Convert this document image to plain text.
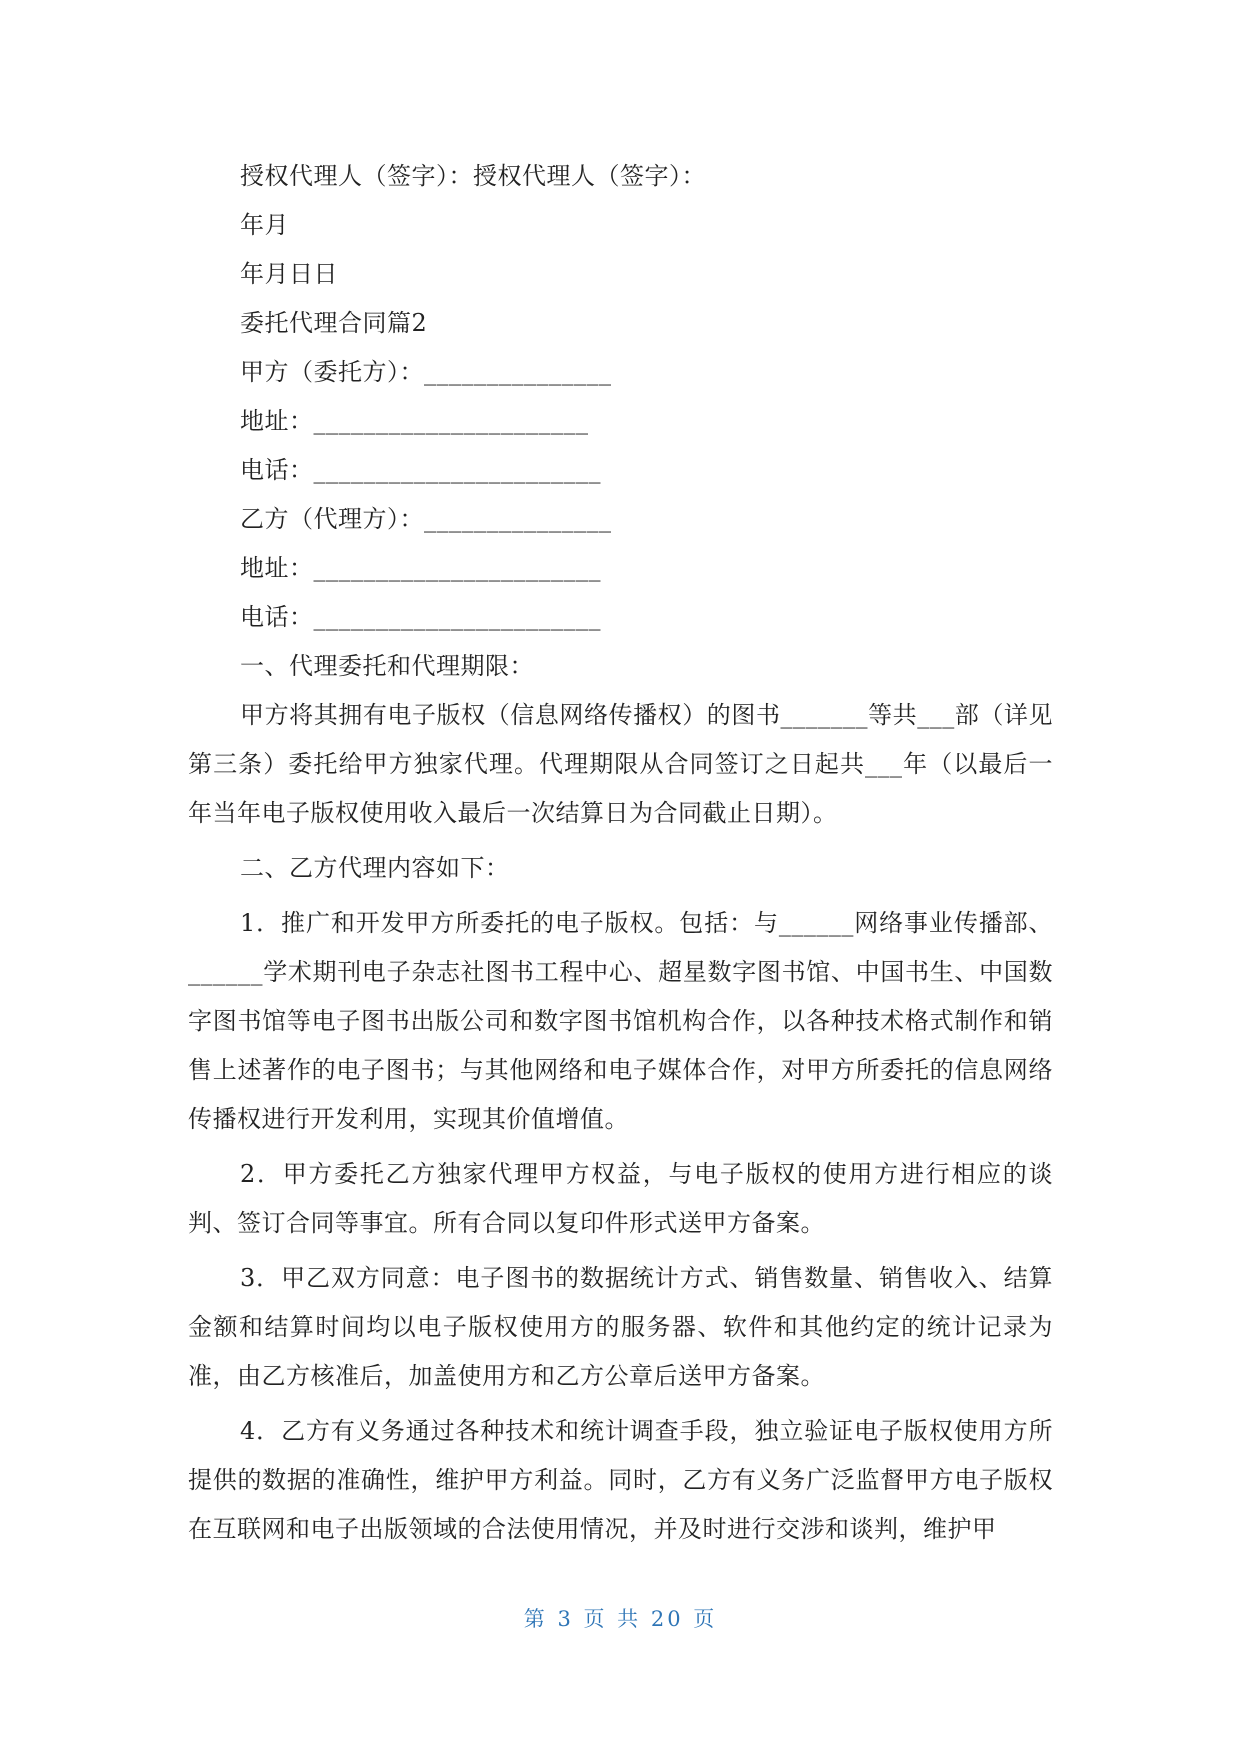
授权代理人（签字）：授权代理人（签字）：
年月
年月日日
委托代理合同篇2
甲方（委托方）：_______________
地址：______________________
电话：_______________________
乙方（代理方）：_______________
地址：_______________________
电话：_______________________
一、代理委托和代理期限：

甲方将其拥有电子版权（信息网络传播权）的图书_______等共___部（详见第三条）委托给甲方独家代理。代理期限从合同签订之日起共___年（以最后一年当年电子版权使用收入最后一次结算日为合同截止日期）。

二、乙方代理内容如下：

1．推广和开发甲方所委托的电子版权。包括：与______网络事业传播部、______学术期刊电子杂志社图书工程中心、超星数字图书馆、中国书生、中国数字图书馆等电子图书出版公司和数字图书馆机构合作，以各种技术格式制作和销售上述著作的电子图书；与其他网络和电子媒体合作，对甲方所委托的信息网络传播权进行开发利用，实现其价值增值。

2．甲方委托乙方独家代理甲方权益，与电子版权的使用方进行相应的谈判、签订合同等事宜。所有合同以复印件形式送甲方备案。

3．甲乙双方同意：电子图书的数据统计方式、销售数量、销售收入、结算金额和结算时间均以电子版权使用方的服务器、软件和其他约定的统计记录为准，由乙方核准后，加盖使用方和乙方公章后送甲方备案。

4．乙方有义务通过各种技术和统计调查手段，独立验证电子版权使用方所提供的数据的准确性，维护甲方利益。同时，乙方有义务广泛监督甲方电子版权在互联网和电子出版领域的合法使用情况，并及时进行交涉和谈判，维护甲

第 3 页 共 20 页
